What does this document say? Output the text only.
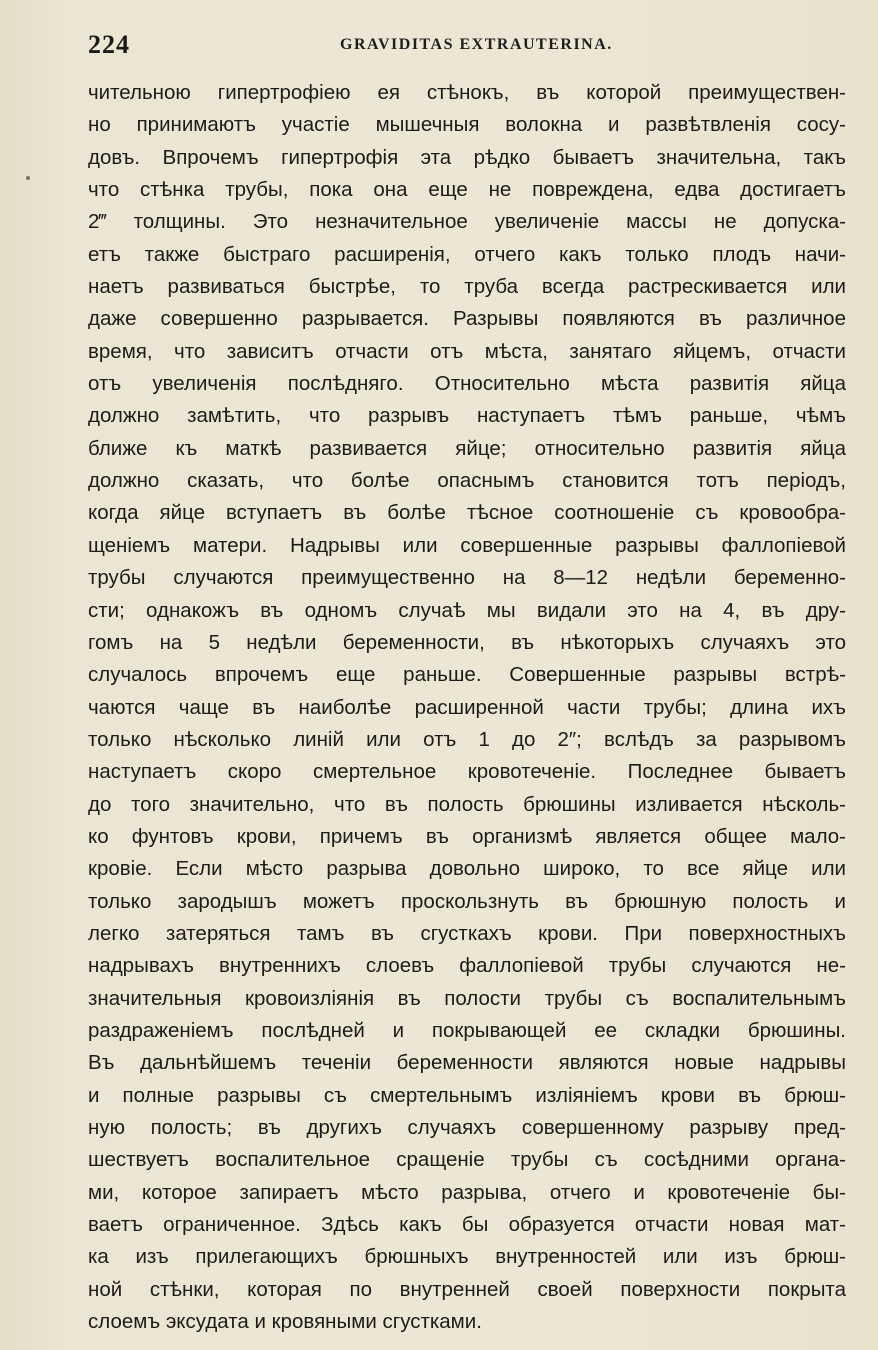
224	GRAVIDITAS EXTRAUTERINA.
чительною гипертрофiею ея стѣнокъ, въ которой преимуществен-
но принимаютъ участiе мышечныя волокна и развѣтвленiя сосу-
довъ. Впрочемъ гипертрофiя эта рѣдко бываетъ значительна, такъ
что стѣнка трубы, пока она еще не повреждена, едва достигаетъ
2‴ толщины. Это незначительное увеличенiе массы не допуска-
етъ также быстраго расширенiя, отчего какъ только плодъ начи-
наетъ развиваться быстрѣе, то труба всегда растрескивается или
даже совершенно разрывается. Разрывы появляются въ различное
время, что зависитъ отчасти отъ мѣста, занятаго яйцемъ, отчасти
отъ увеличенiя послѣдняго. Относительно мѣста развитiя яйца
должно замѣтить, что разрывъ наступаетъ тѣмъ раньше, чѣмъ
ближе къ маткѣ развивается яйце; относительно развитiя яйца
должно сказать, что болѣе опаснымъ становится тотъ перiодъ,
когда яйце вступаетъ въ болѣе тѣсное соотношенiе съ кровообра-
щенiемъ матери. Надрывы или совершенные разрывы фаллопiевой
трубы случаются преимущественно на 8—12 недѣли беременно-
сти; однакожъ въ одномъ случаѣ мы видали это на 4, въ дру-
гомъ на 5 недѣли беременности, въ нѣкоторыхъ случаяхъ это
случалось впрочемъ еще раньше. Совершенные разрывы встрѣ-
чаются чаще въ наиболѣе расширенной части трубы; длина ихъ
только нѣсколько линiй или отъ 1 до 2″; вслѣдъ за разрывомъ
наступаетъ скоро смертельное кровотеченiе. Последнее бываетъ
до того значительно, что въ полость брюшины изливается нѣсколь-
ко фунтовъ крови, причемъ въ организмѣ является общее мало-
кровiе. Если мѣсто разрыва довольно широко, то все яйце или
только зародышъ можетъ проскользнуть въ брюшную полость и
легко затеряться тамъ въ сгусткахъ крови. При поверхностныхъ
надрывахъ внутреннихъ слоевъ фаллопiевой трубы случаются не-
значительныя кровоизлiянiя въ полости трубы съ воспалительнымъ
раздраженiемъ послѣдней и покрывающей ее складки брюшины.
Въ дальнѣйшемъ теченiи беременности являются новые надрывы
и полные разрывы съ смертельнымъ излiянiемъ крови въ брюш-
ную полость; въ другихъ случаяхъ совершенному разрыву пред-
шествуетъ воспалительное сращенiе трубы съ сосѣдними органа-
ми, которое запираетъ мѣсто разрыва, отчего и кровотеченiе бы-
ваетъ ограниченное. Здѣсь какъ бы образуется отчасти новая мат-
ка изъ прилегающихъ брюшныхъ внутренностей или изъ брюш-
ной стѣнки, которая по внутренней своей поверхности покрыта
слоемъ эксудата и кровяными сгустками.
